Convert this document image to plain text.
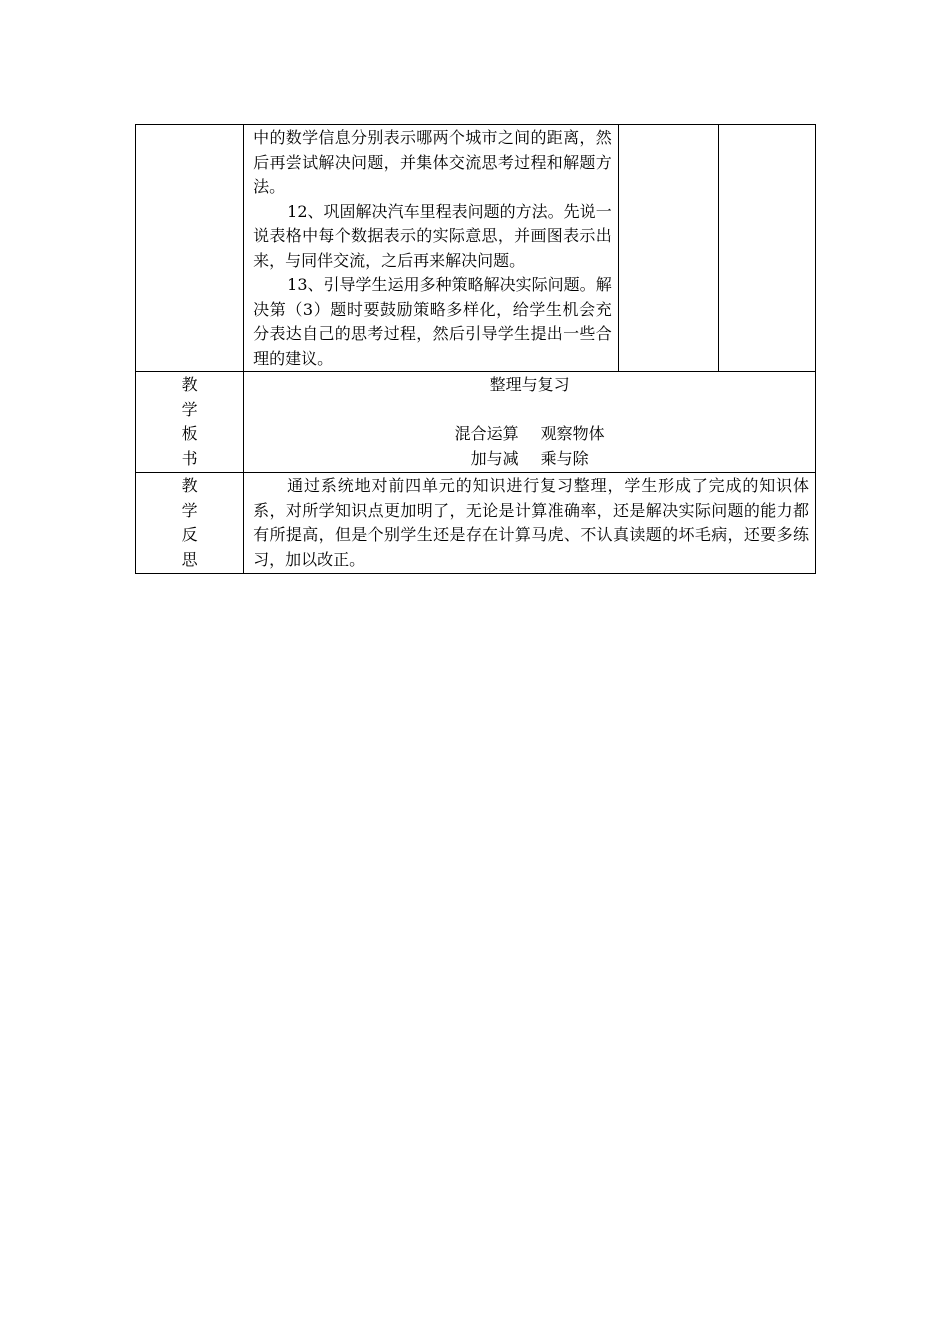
	中的数学信息分别表示哪两个城市之间的距离，然后再尝试解决问题，并集体交流思考过程和解题方法。

12、巩固解决汽车里程表问题的方法。先说一说表格中每个数据表示的实际意思，并画图表示出来，与同伴交流，之后再来解决问题。

13、引导学生运用多种策略解决实际问题。解决第（3）题时要鼓励策略多样化，给学生机会充分表达自己的思考过程，然后引导学生提出一些合理的建议。		

教
学
板
书	整理与复习
混合运算 观察物体
加与减 乘与除		

教
学
反
思	通过系统地对前四单元的知识进行复习整理，学生形成了完成的知识体系，对所学知识点更加明了，无论是计算准确率，还是解决实际问题的能力都有所提高，但是个别学生还是存在计算马虎、不认真读题的坏毛病，还要多练习，加以改正。		
